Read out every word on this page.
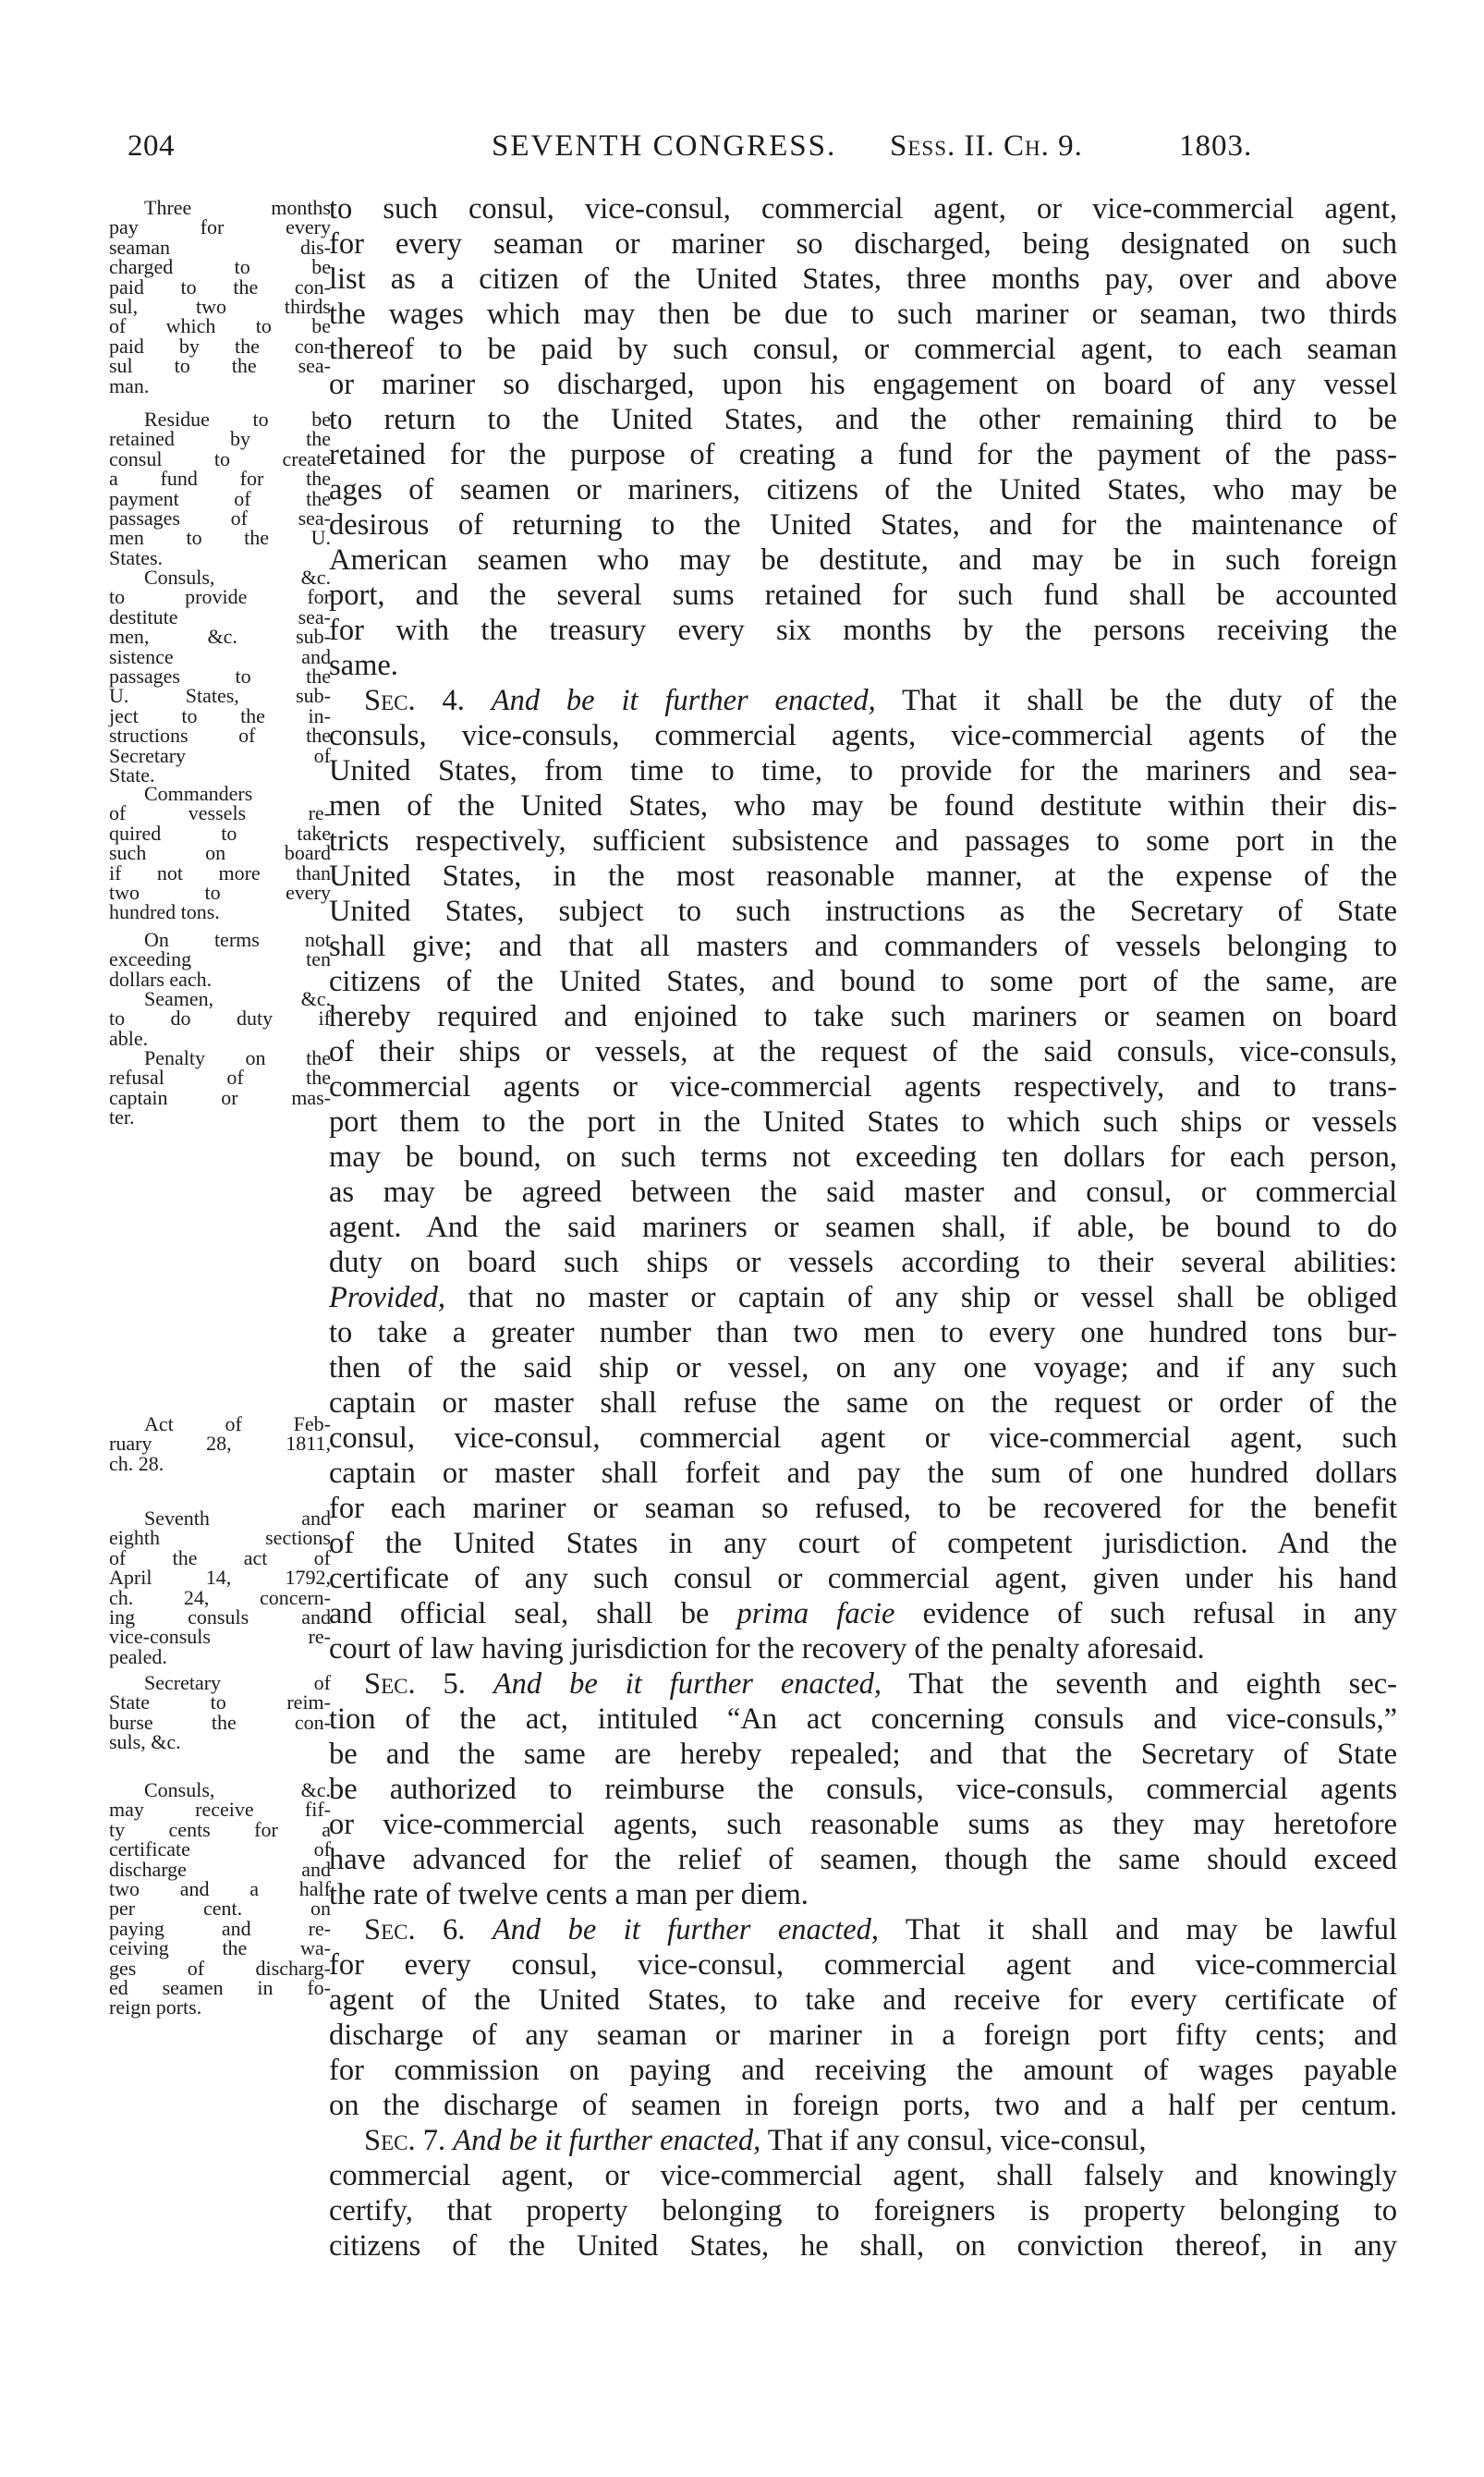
204	SEVENTH CONGRESS. Sess. II. Ch. 9.	1803.
to such consul, vice-consul, commercial agent, or vice-commercial agent,
for every seaman or mariner so discharged, being designated on such
list as a citizen of the United States, three months pay, over and above
the wages which may then be due to such mariner or seaman, two thirds
thereof to be paid by such consul, or commercial agent, to each seaman
or mariner so discharged, upon his engagement on board of any vessel
to return to the United States, and the other remaining third to be
retained for the purpose of creating a fund for the payment of the pass-
ages of seamen or mariners, citizens of the United States, who may be
desirous of returning to the United States, and for the maintenance of
American seamen who may be destitute, and may be in such foreign
port, and the several sums retained for such fund shall be accounted
for with the treasury every six months by the persons receiving the
same.
Sec. 4. And be it further enacted, That it shall be the duty of the
consuls, vice-consuls, commercial agents, vice-commercial agents of the
United States, from time to time, to provide for the mariners and sea-
men of the United States, who may be found destitute within their dis-
tricts respectively, sufficient subsistence and passages to some port in the
United States, in the most reasonable manner, at the expense of the
United States, subject to such instructions as the Secretary of State
shall give; and that all masters and commanders of vessels belonging to
citizens of the United States, and bound to some port of the same, are
hereby required and enjoined to take such mariners or seamen on board
of their ships or vessels, at the request of the said consuls, vice-consuls,
commercial agents or vice-commercial agents respectively, and to trans-
port them to the port in the United States to which such ships or vessels
may be bound, on such terms not exceeding ten dollars for each person,
as may be agreed between the said master and consul, or commercial
agent. And the said mariners or seamen shall, if able, be bound to do
duty on board such ships or vessels according to their several abilities:
Provided, that no master or captain of any ship or vessel shall be obliged
to take a greater number than two men to every one hundred tons bur-
then of the said ship or vessel, on any one voyage; and if any such
captain or master shall refuse the same on the request or order of the
consul, vice-consul, commercial agent or vice-commercial agent, such
captain or master shall forfeit and pay the sum of one hundred dollars
for each mariner or seaman so refused, to be recovered for the benefit
of the United States in any court of competent jurisdiction. And the
certificate of any such consul or commercial agent, given under his hand
and official seal, shall be prima facie evidence of such refusal in any
court of law having jurisdiction for the recovery of the penalty aforesaid.
Sec. 5. And be it further enacted, That the seventh and eighth sec-
tion of the act, intituled “An act concerning consuls and vice-consuls,”
be and the same are hereby repealed; and that the Secretary of State
be authorized to reimburse the consuls, vice-consuls, commercial agents
or vice-commercial agents, such reasonable sums as they may heretofore
have advanced for the relief of seamen, though the same should exceed
the rate of twelve cents a man per diem.
Sec. 6. And be it further enacted, That it shall and may be lawful
for every consul, vice-consul, commercial agent and vice-commercial
agent of the United States, to take and receive for every certificate of
discharge of any seaman or mariner in a foreign port fifty cents; and
for commission on paying and receiving the amount of wages payable
on the discharge of seamen in foreign ports, two and a half per centum.
Sec. 7. And be it further enacted, That if any consul, vice-consul,
commercial agent, or vice-commercial agent, shall falsely and knowingly
certify, that property belonging to foreigners is property belonging to
citizens of the United States, he shall, on conviction thereof, in any
Three months
pay for every
seaman dis-
charged to be
paid to the con-
sul, two thirds
of which to be
paid by the con-
sul to the sea-
man.
Residue to be
retained by the
consul to create
a fund for the
payment of the
passages of sea-
men to the U.
States.
Consuls, &c.
to provide for
destitute sea-
men, &c. sub-
sistence and
passages to the
U. States, sub-
ject to the in-
structions of the
Secretary of
State.
Commanders
of vessels re-
quired to take
such on board
if not more than
two to every
hundred tons.
On terms not
exceeding ten
dollars each.
Seamen, &c.
to do duty if
able.
Penalty on the
refusal of the
captain or mas-
ter.
Act of Feb-
ruary 28, 1811,
ch. 28.
Seventh and
eighth sections
of the act of
April 14, 1792,
ch. 24, concern-
ing consuls and
vice-consuls re-
pealed.
Secretary of
State to reim-
burse the con-
suls, &c.
Consuls, &c.
may receive fif-
ty cents for a
certificate of
discharge and
two and a half
per cent. on
paying and re-
ceiving the wa-
ges of discharg-
ed seamen in fo-
reign ports.
